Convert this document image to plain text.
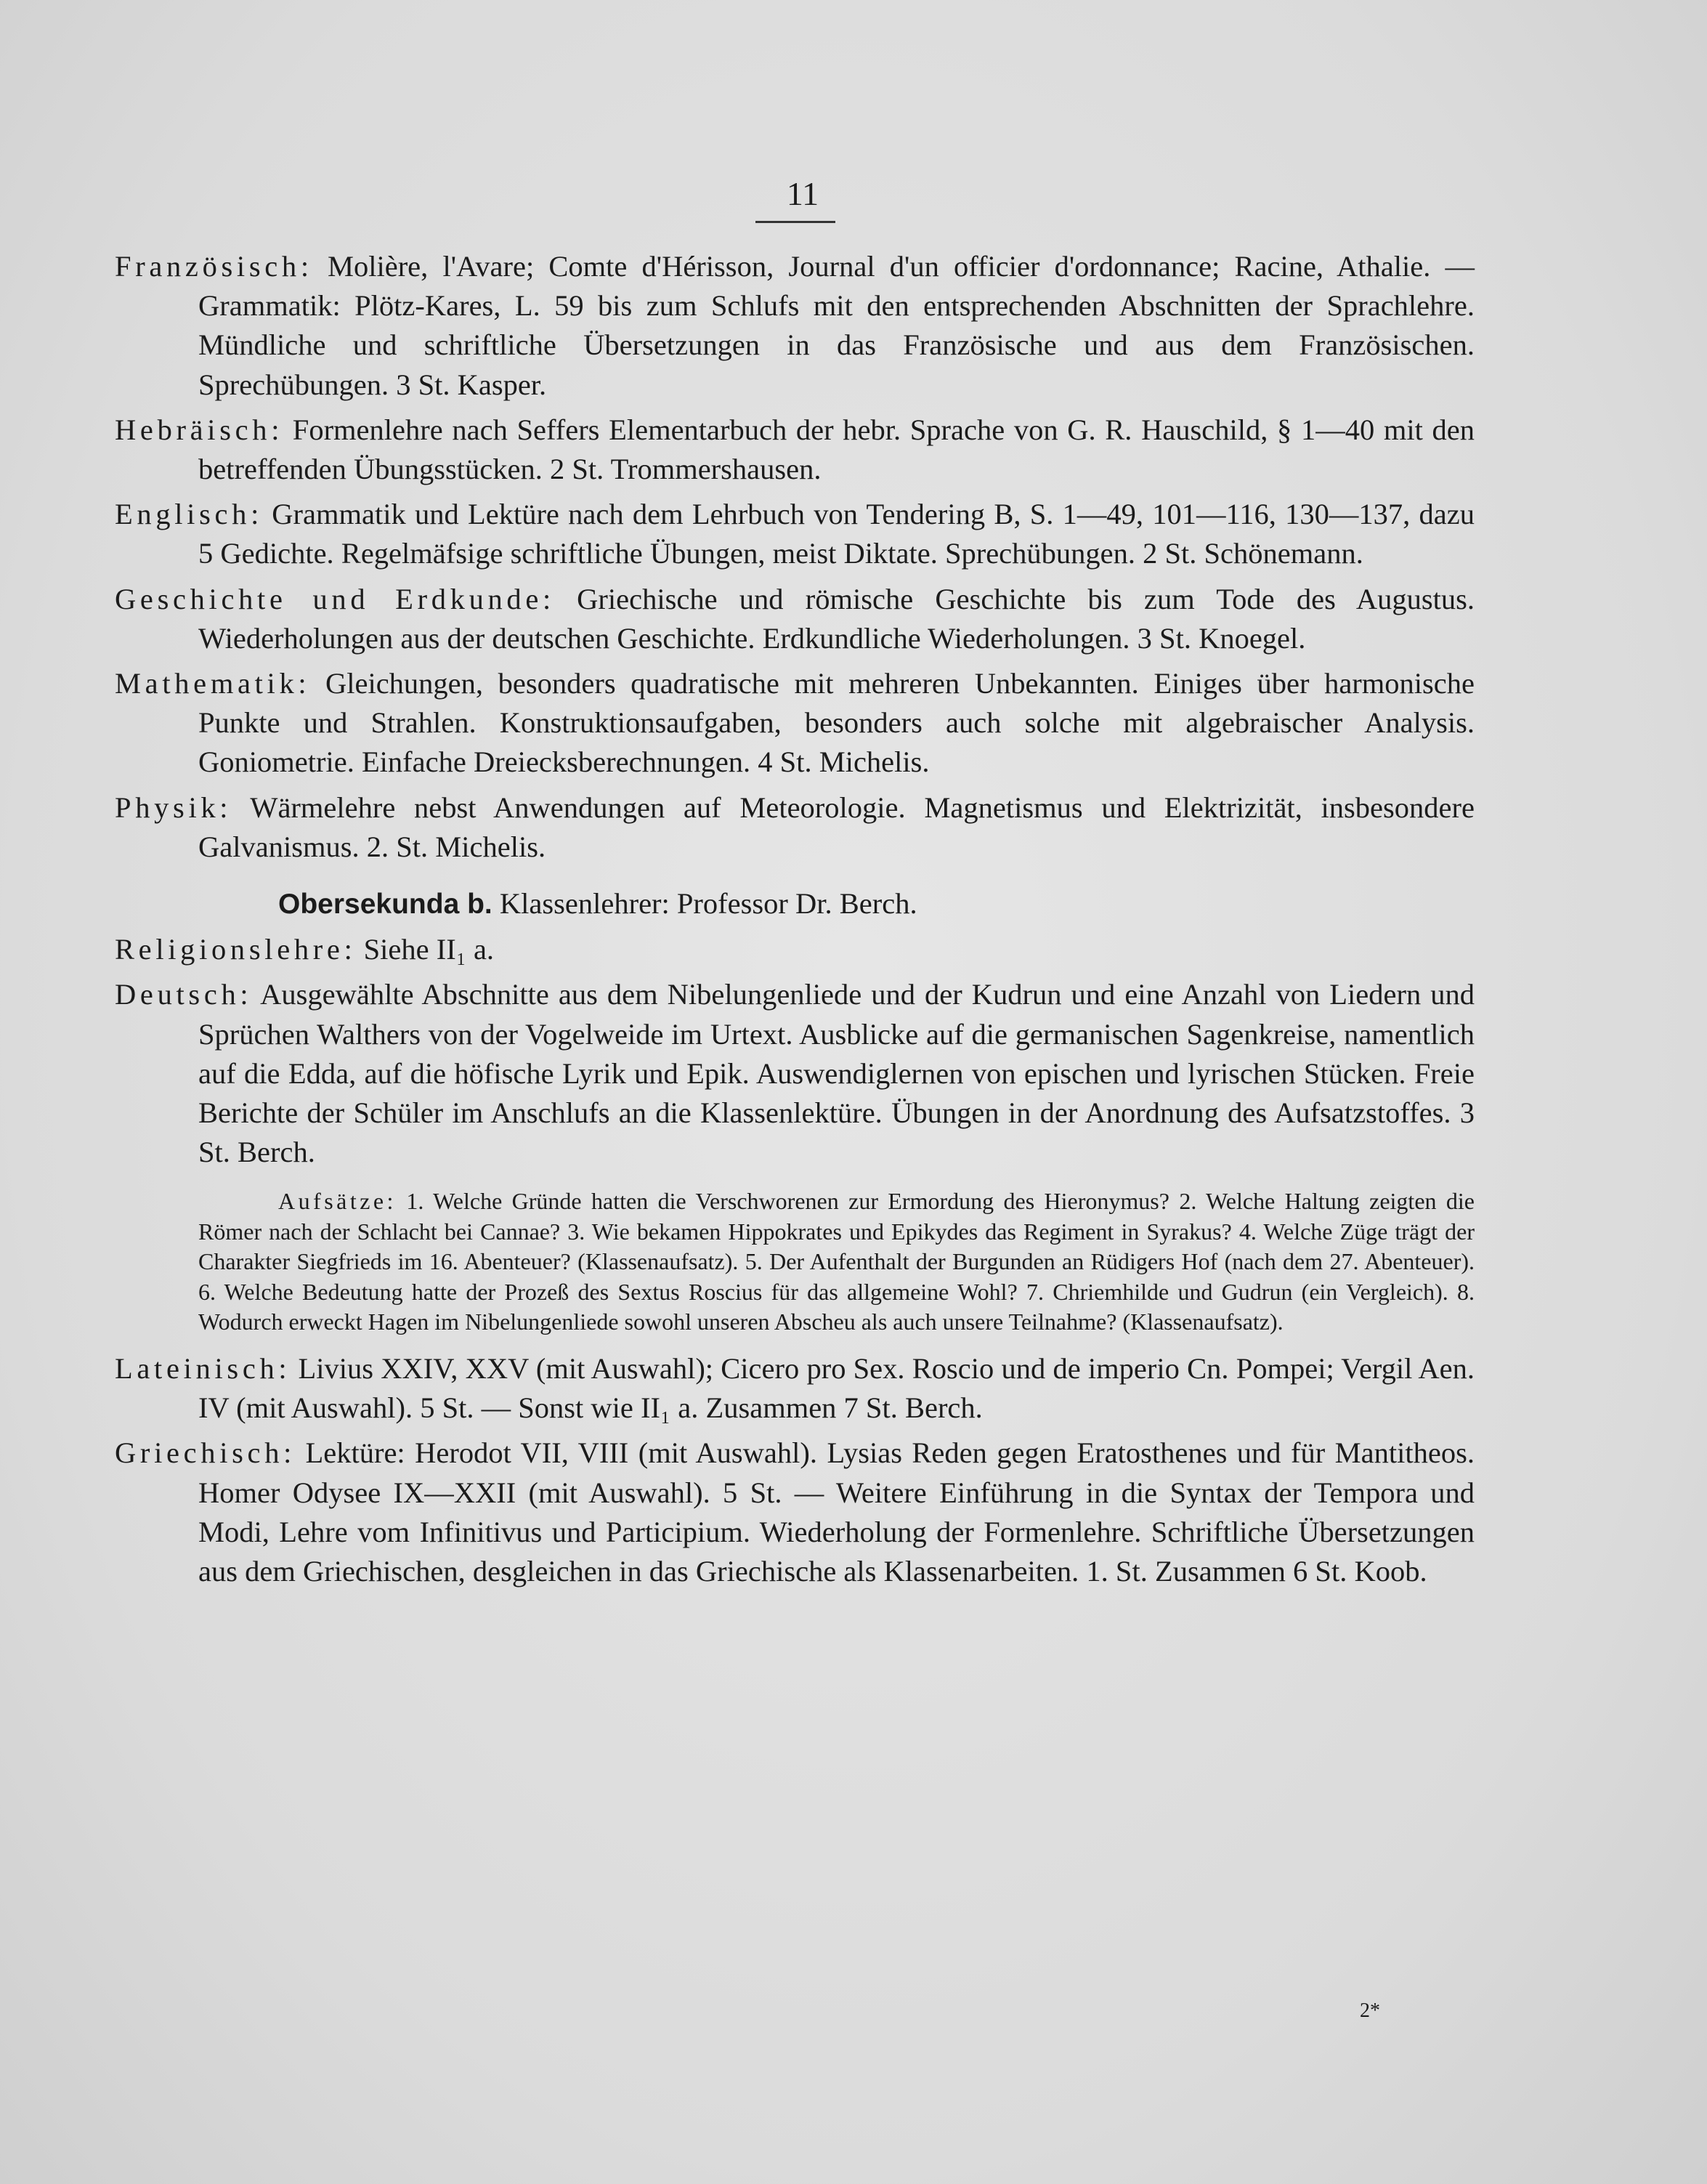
11

Französisch: Molière, l'Avare; Comte d'Hérisson, Journal d'un officier d'ordonnance; Racine, Athalie. — Grammatik: Plötz-Kares, L. 59 bis zum Schlufs mit den entsprechenden Abschnitten der Sprachlehre. Mündliche und schriftliche Übersetzungen in das Französische und aus dem Französischen. Sprechübungen. 3 St. Kasper.

Hebräisch: Formenlehre nach Seffers Elementarbuch der hebr. Sprache von G. R. Hauschild, § 1—40 mit den betreffenden Übungsstücken. 2 St. Trommershausen.

Englisch: Grammatik und Lektüre nach dem Lehrbuch von Tendering B, S. 1—49, 101—116, 130—137, dazu 5 Gedichte. Regelmäfsige schriftliche Übungen, meist Diktate. Sprechübungen. 2 St. Schönemann.

Geschichte und Erdkunde: Griechische und römische Geschichte bis zum Tode des Augustus. Wiederholungen aus der deutschen Geschichte. Erdkundliche Wiederholungen. 3 St. Knoegel.

Mathematik: Gleichungen, besonders quadratische mit mehreren Unbekannten. Einiges über harmonische Punkte und Strahlen. Konstruktionsaufgaben, besonders auch solche mit algebraischer Analysis. Goniometrie. Einfache Dreiecksberechnungen. 4 St. Michelis.

Physik: Wärmelehre nebst Anwendungen auf Meteorologie. Magnetismus und Elektrizität, insbesondere Galvanismus. 2. St. Michelis.

Obersekunda b. Klassenlehrer: Professor Dr. Berch.

Religionslehre: Siehe II₁ a.

Deutsch: Ausgewählte Abschnitte aus dem Nibelungenliede und der Kudrun und eine Anzahl von Liedern und Sprüchen Walthers von der Vogelweide im Urtext. Ausblicke auf die germanischen Sagenkreise, namentlich auf die Edda, auf die höfische Lyrik und Epik. Auswendiglernen von epischen und lyrischen Stücken. Freie Berichte der Schüler im Anschlufs an die Klassenlektüre. Übungen in der Anordnung des Aufsatzstoffes. 3 St. Berch.

Aufsätze: 1. Welche Gründe hatten die Verschworenen zur Ermordung des Hieronymus? 2. Welche Haltung zeigten die Römer nach der Schlacht bei Cannae? 3. Wie bekamen Hippokrates und Epikydes das Regiment in Syrakus? 4. Welche Züge trägt der Charakter Siegfrieds im 16. Abenteuer? (Klassenaufsatz). 5. Der Aufenthalt der Burgunden an Rüdigers Hof (nach dem 27. Abenteuer). 6. Welche Bedeutung hatte der Prozeß des Sextus Roscius für das allgemeine Wohl? 7. Chriemhilde und Gudrun (ein Vergleich). 8. Wodurch erweckt Hagen im Nibelungenliede sowohl unseren Abscheu als auch unsere Teilnahme? (Klassenaufsatz).

Lateinisch: Livius XXIV, XXV (mit Auswahl); Cicero pro Sex. Roscio und de imperio Cn. Pompei; Vergil Aen. IV (mit Auswahl). 5 St. — Sonst wie II₁ a. Zusammen 7 St. Berch.

Griechisch: Lektüre: Herodot VII, VIII (mit Auswahl). Lysias Reden gegen Eratosthenes und für Mantitheos. Homer Odysee IX—XXII (mit Auswahl). 5 St. — Weitere Einführung in die Syntax der Tempora und Modi, Lehre vom Infinitivus und Participium. Wiederholung der Formenlehre. Schriftliche Übersetzungen aus dem Griechischen, desgleichen in das Griechische als Klassenarbeiten. 1. St. Zusammen 6 St. Koob.

2*
